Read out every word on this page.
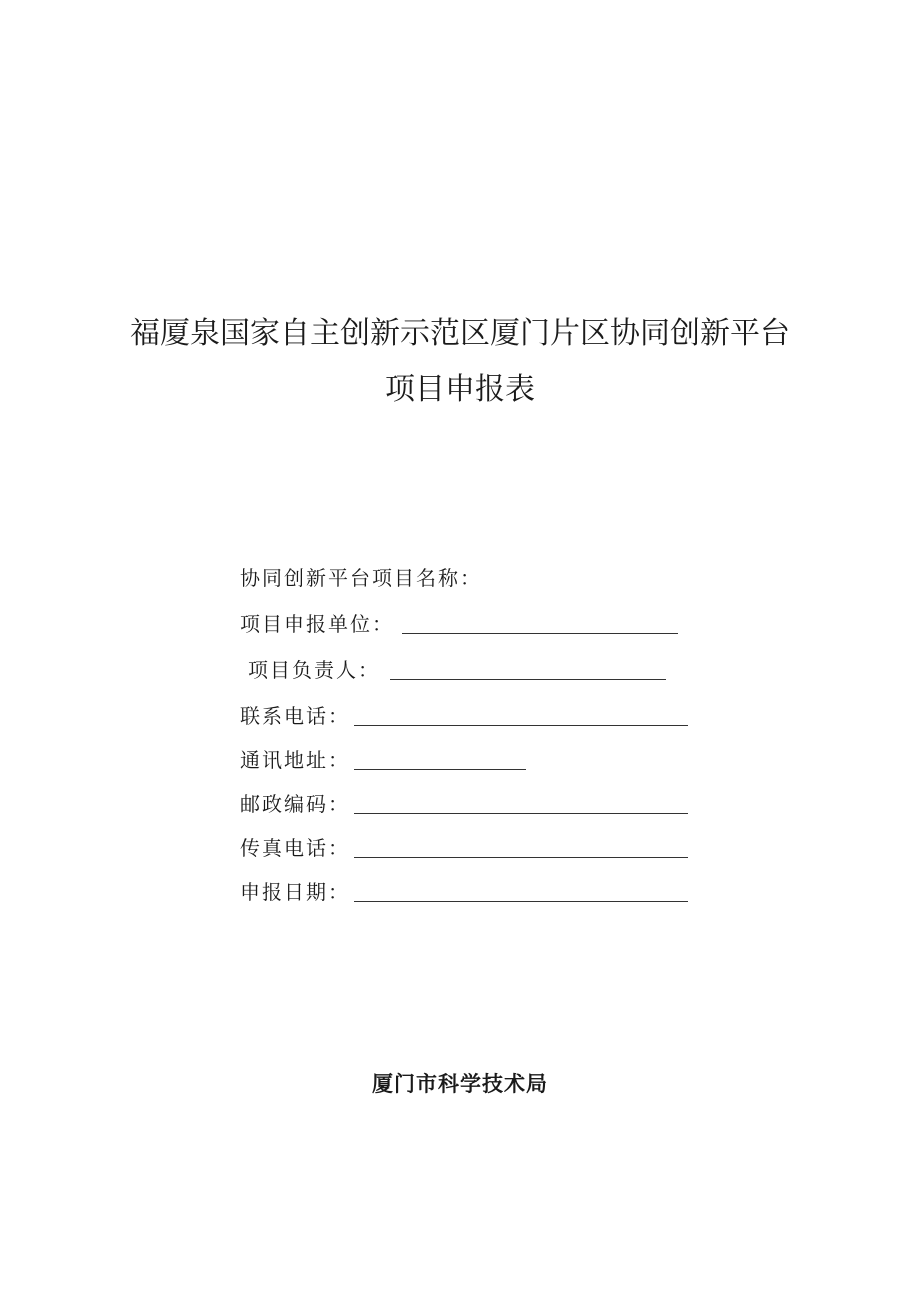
福厦泉国家自主创新示范区厦门片区协同创新平台
项目申报表
协同创新平台项目名称：
项目申报单位：
项目负责人：
联系电话：
通讯地址：
邮政编码：
传真电话：
申报日期：
厦门市科学技术局
